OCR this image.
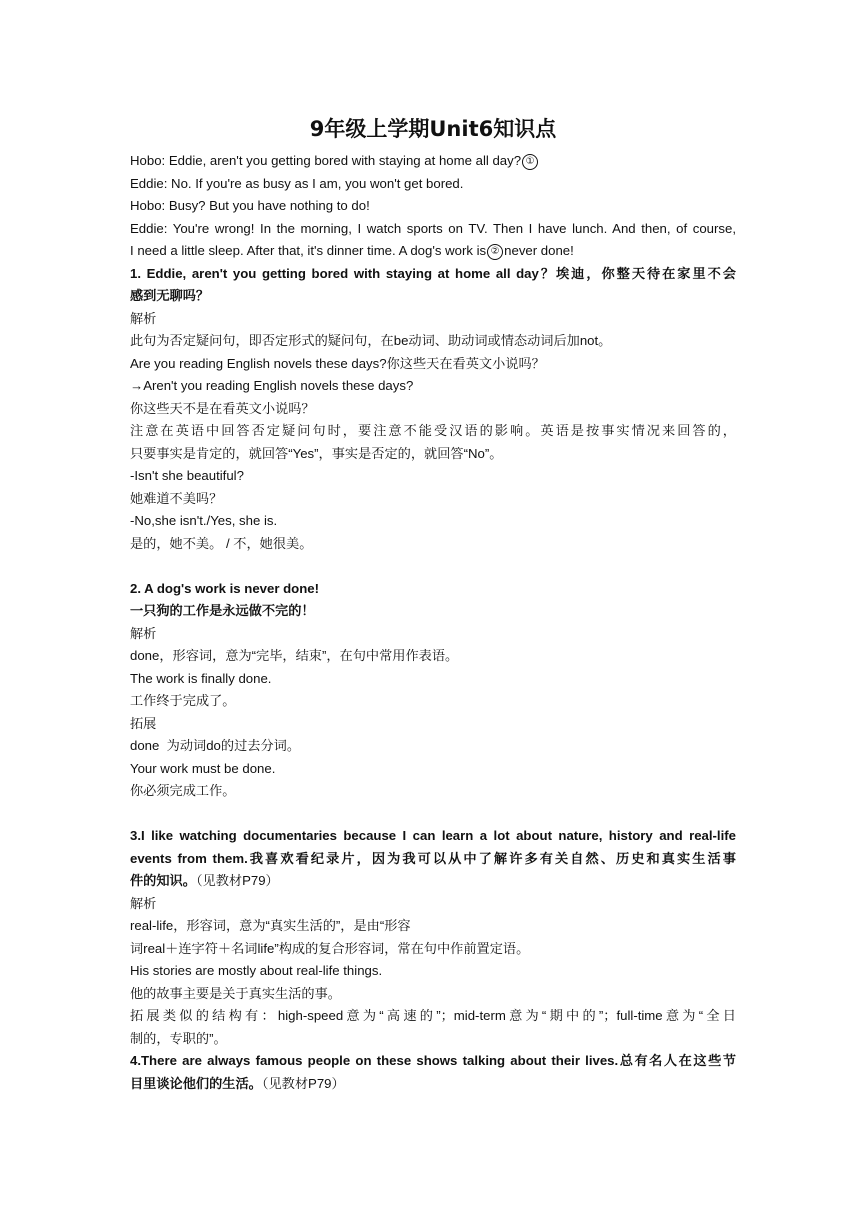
9年级上学期Unit6知识点
Hobo: Eddie, aren't you getting bored with staying at home all day? ①
Eddie: No. If you're as busy as I am, you won't get bored.
Hobo: Busy? But you have nothing to do!
Eddie: You're wrong! In the morning, I watch sports on TV. Then I have lunch. And then, of course,
I need a little sleep. After that, it's dinner time. A dog's work is ② never done!
1. Eddie, aren't you getting bored with staying at home all day？埃迪，你整天待在家里不会
感到无聊吗？
解析
此句为否定疑问句，即否定形式的疑问句，在be动词、助动词或情态动词后加not。
Are you reading English novels these days?你这些天在看英文小说吗？
→Aren't you reading English novels these days?
你这些天不是在看英文小说吗？
注意在英语中回答否定疑问句时，要注意不能受汉语的影响。英语是按事实情况来回答的，
只要事实是肯定的，就回答“Yes”，事实是否定的，就回答“No”。
-Isn't she beautiful?
她难道不美吗？
-No,she isn't./Yes, she is.
是的，她不美。 / 不，她很美。
2. A dog's work is never done!
一只狗的工作是永远做不完的！
解析
done，形容词，意为“完毕，结束”，在句中常用作表语。
The work is finally done.
工作终于完成了。
拓展
done  为动词do的过去分词。
Your work must be done.
你必须完成工作。
3.I like watching documentaries because I can learn a lot about nature, history and real-life
events from them.我喜欢看纪录片，因为我可以从中了解许多有关自然、历史和真实生活事
件的知识。（见教材P79）
解析
real-life，形容词，意为“真实生活的”，是由“形容
词real＋连字符＋名词life”构成的复合形容词，常在句中作前置定语。
His stories are mostly about real-life things.
他的故事主要是关于真实生活的事。
拓展类似的结构有：high-speed意为“高速的”；mid-term意为“期中的”；full-time意为“全日
制的，专职的”。
4.There are always famous people on these shows talking about their lives.总有名人在这些节
目里谈论他们的生活。（见教材P79）
